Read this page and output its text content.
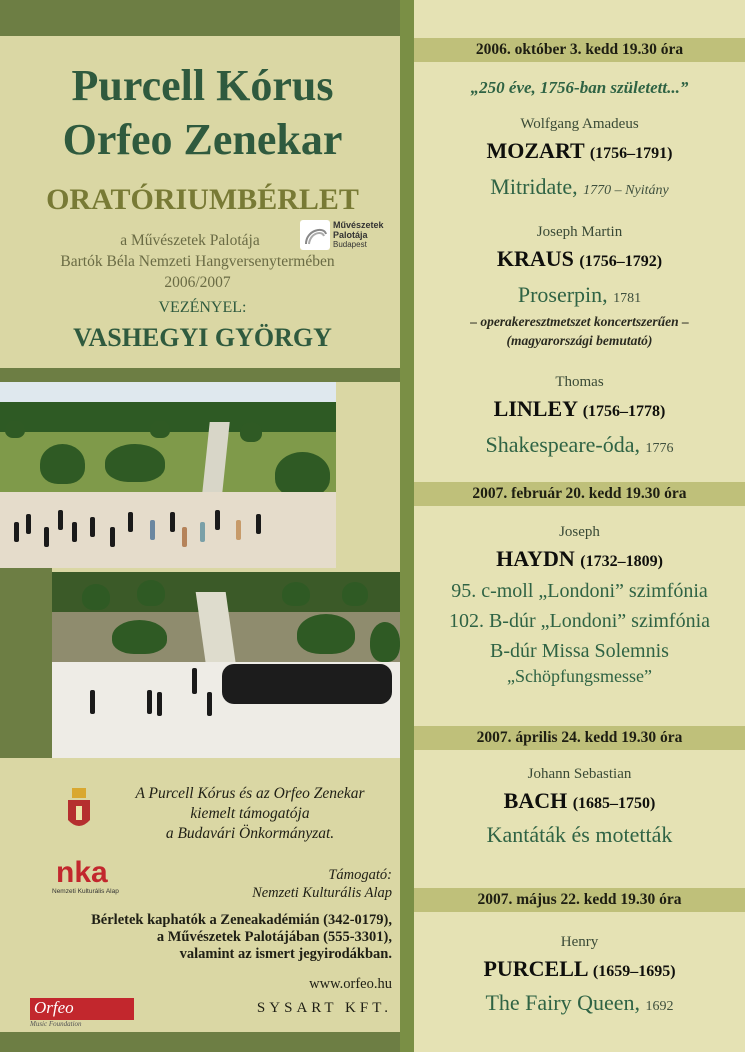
Purcell Kórus
Orfeo Zenekar
ORATÓRIUMBÉRLET
a Művészetek Palotája
Bartók Béla Nemzeti Hangversenytermében
2006/2007
Művészetek
Palotája
Budapest
VEZÉNYEL:
VASHEGYI GYÖRGY
A Purcell Kórus és az Orfeo Zenekar
kiemelt támogatója
a Budavári Önkormányzat.
nka
Nemzeti Kulturális Alap
Támogató:
Nemzeti Kulturális Alap
Bérletek kaphatók a Zeneakadémián (342-0179),
a Művészetek Palotájában (555-3301),
valamint az ismert jegyirodákban.
www.orfeo.hu
Orfeo
Music Foundation
SYSART KFT.
2006. október 3. kedd 19.30 óra
„250 éve, 1756-ban született...”
Wolfgang Amadeus
MOZART (1756–1791)
Mitridate, 1770 – Nyitány
Joseph Martin
KRAUS (1756–1792)
Proserpin, 1781
– operakeresztmetszet koncertszerűen –
(magyarországi bemutató)
Thomas
LINLEY (1756–1778)
Shakespeare-óda, 1776
2007. február 20. kedd 19.30 óra
Joseph
HAYDN (1732–1809)
95. c-moll „Londoni” szimfónia
102. B-dúr „Londoni” szimfónia
B-dúr Missa Solemnis
„Schöpfungsmesse”
2007. április 24. kedd 19.30 óra
Johann Sebastian
BACH (1685–1750)
Kantáták és motetták
2007. május 22. kedd 19.30 óra
Henry
PURCELL (1659–1695)
The Fairy Queen, 1692
